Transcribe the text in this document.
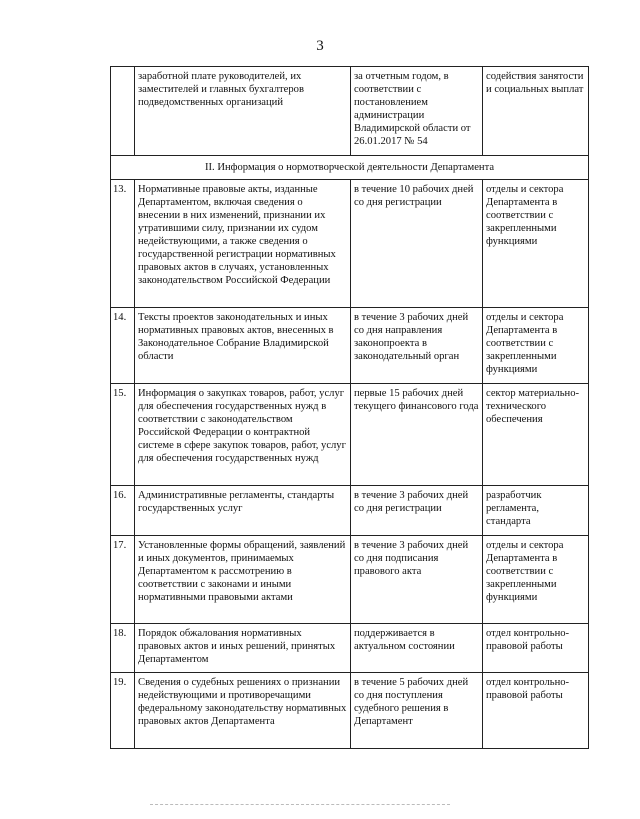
3
	заработной плате руководителей, их заместителей и главных бухгалтеров подведомственных организаций	за отчетным годом, в соответствии с постановлением администрации Владимирской области от 26.01.2017 № 54	содействия занятости и социальных выплат
II. Информация о нормотворческой деятельности Департамента			
13.	Нормативные правовые акты, изданные Департаментом, включая сведения о внесении в них изменений, признании их утратившими силу, признании их судом недействующими, а также сведения о государственной регистрации нормативных правовых актов в случаях, установленных законодательством Российской Федерации	в течение 10 рабочих дней со дня регистрации	отделы и сектора Департамента в соответствии с закрепленными функциями
14.	Тексты проектов законодательных и иных нормативных правовых актов, внесенных в Законодательное Собрание Владимирской области	в течение 3 рабочих дней со дня направления законопроекта в законодательный орган	отделы и сектора Департамента в соответствии с закрепленными функциями
15.	Информация о закупках товаров, работ, услуг для обеспечения государственных нужд в соответствии с законодательством Российской Федерации о контрактной системе в сфере закупок товаров, работ, услуг для обеспечения государственных нужд	первые 15 рабочих дней текущего финансового года	сектор материально-технического обеспечения
16.	Административные регламенты, стандарты государственных услуг	в течение 3 рабочих дней со дня регистрации	разработчик регламента, стандарта
17.	Установленные формы обращений, заявлений и иных документов, принимаемых Департаментом к рассмотрению в соответствии с законами и иными нормативными правовыми актами	в течение 3 рабочих дней со дня подписания правового акта	отделы и сектора Департамента в соответствии с закрепленными функциями
18.	Порядок обжалования нормативных правовых актов и иных решений, принятых Департаментом	поддерживается в актуальном состоянии	отдел контрольно-правовой работы
19.	Сведения о судебных решениях о признании недействующими и противоречащими федеральному законодательству нормативных правовых актов Департамента	в течение 5 рабочих дней со дня поступления судебного решения в Департамент	отдел контрольно-правовой работы
